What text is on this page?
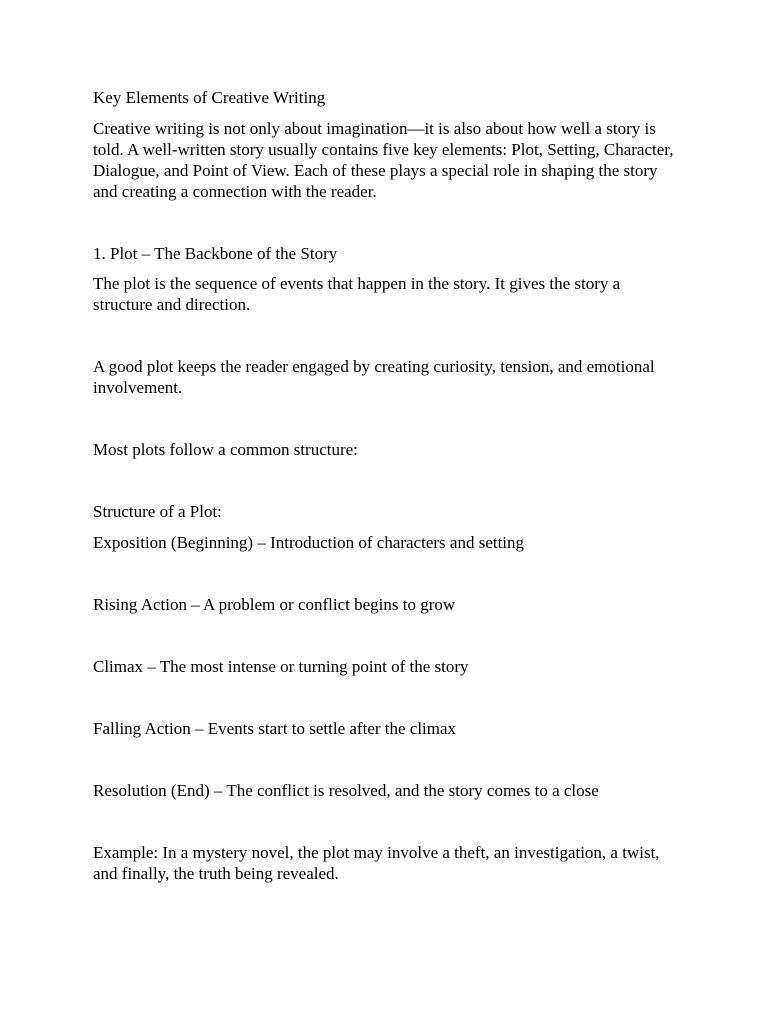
Key Elements of Creative Writing

Creative writing is not only about imagination—it is also about how well a story is told. A well-written story usually contains five key elements: Plot, Setting, Character, Dialogue, and Point of View. Each of these plays a special role in shaping the story and creating a connection with the reader.

1. Plot – The Backbone of the Story

The plot is the sequence of events that happen in the story. It gives the story a structure and direction.

A good plot keeps the reader engaged by creating curiosity, tension, and emotional involvement.

Most plots follow a common structure:

Structure of a Plot:

Exposition (Beginning) – Introduction of characters and setting

Rising Action – A problem or conflict begins to grow

Climax – The most intense or turning point of the story

Falling Action – Events start to settle after the climax

Resolution (End) – The conflict is resolved, and the story comes to a close

Example: In a mystery novel, the plot may involve a theft, an investigation, a twist, and finally, the truth being revealed.
